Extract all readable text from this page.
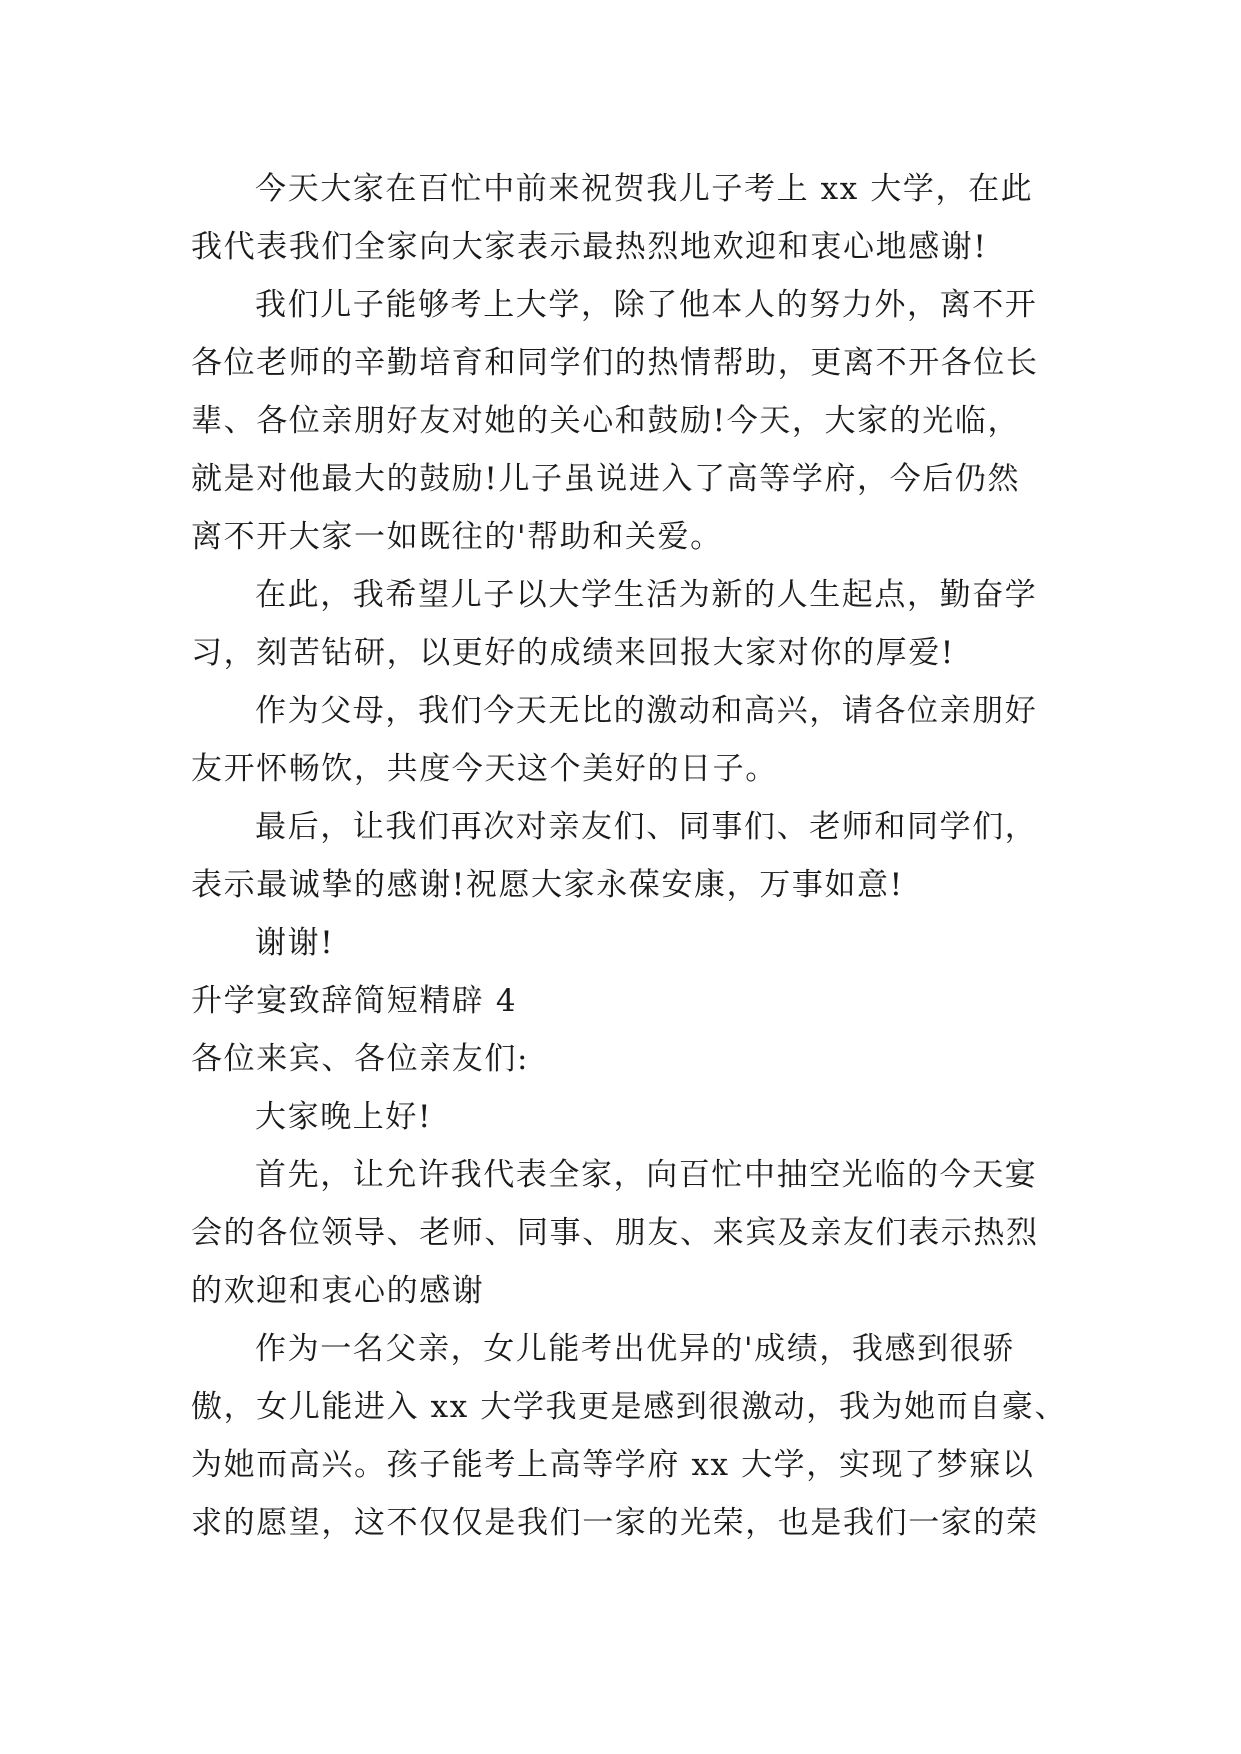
今天大家在百忙中前来祝贺我儿子考上 xx 大学，在此
我代表我们全家向大家表示最热烈地欢迎和衷心地感谢!
我们儿子能够考上大学，除了他本人的努力外，离不开
各位老师的辛勤培育和同学们的热情帮助，更离不开各位长
辈、各位亲朋好友对她的关心和鼓励!今天，大家的光临，
就是对他最大的鼓励!儿子虽说进入了高等学府，今后仍然
离不开大家一如既往的'帮助和关爱。
在此，我希望儿子以大学生活为新的人生起点，勤奋学
习，刻苦钻研，以更好的成绩来回报大家对你的厚爱!
作为父母，我们今天无比的激动和高兴，请各位亲朋好
友开怀畅饮，共度今天这个美好的日子。
最后，让我们再次对亲友们、同事们、老师和同学们，
表示最诚挚的感谢!祝愿大家永葆安康，万事如意!
谢谢!
升学宴致辞简短精辟 4
各位来宾、各位亲友们:
大家晚上好!
首先，让允许我代表全家，向百忙中抽空光临的今天宴
会的各位领导、老师、同事、朋友、来宾及亲友们表示热烈
的欢迎和衷心的感谢
作为一名父亲，女儿能考出优异的'成绩，我感到很骄
傲，女儿能进入 xx 大学我更是感到很激动，我为她而自豪、
为她而高兴。孩子能考上高等学府 xx 大学，实现了梦寐以
求的愿望，这不仅仅是我们一家的光荣，也是我们一家的荣
